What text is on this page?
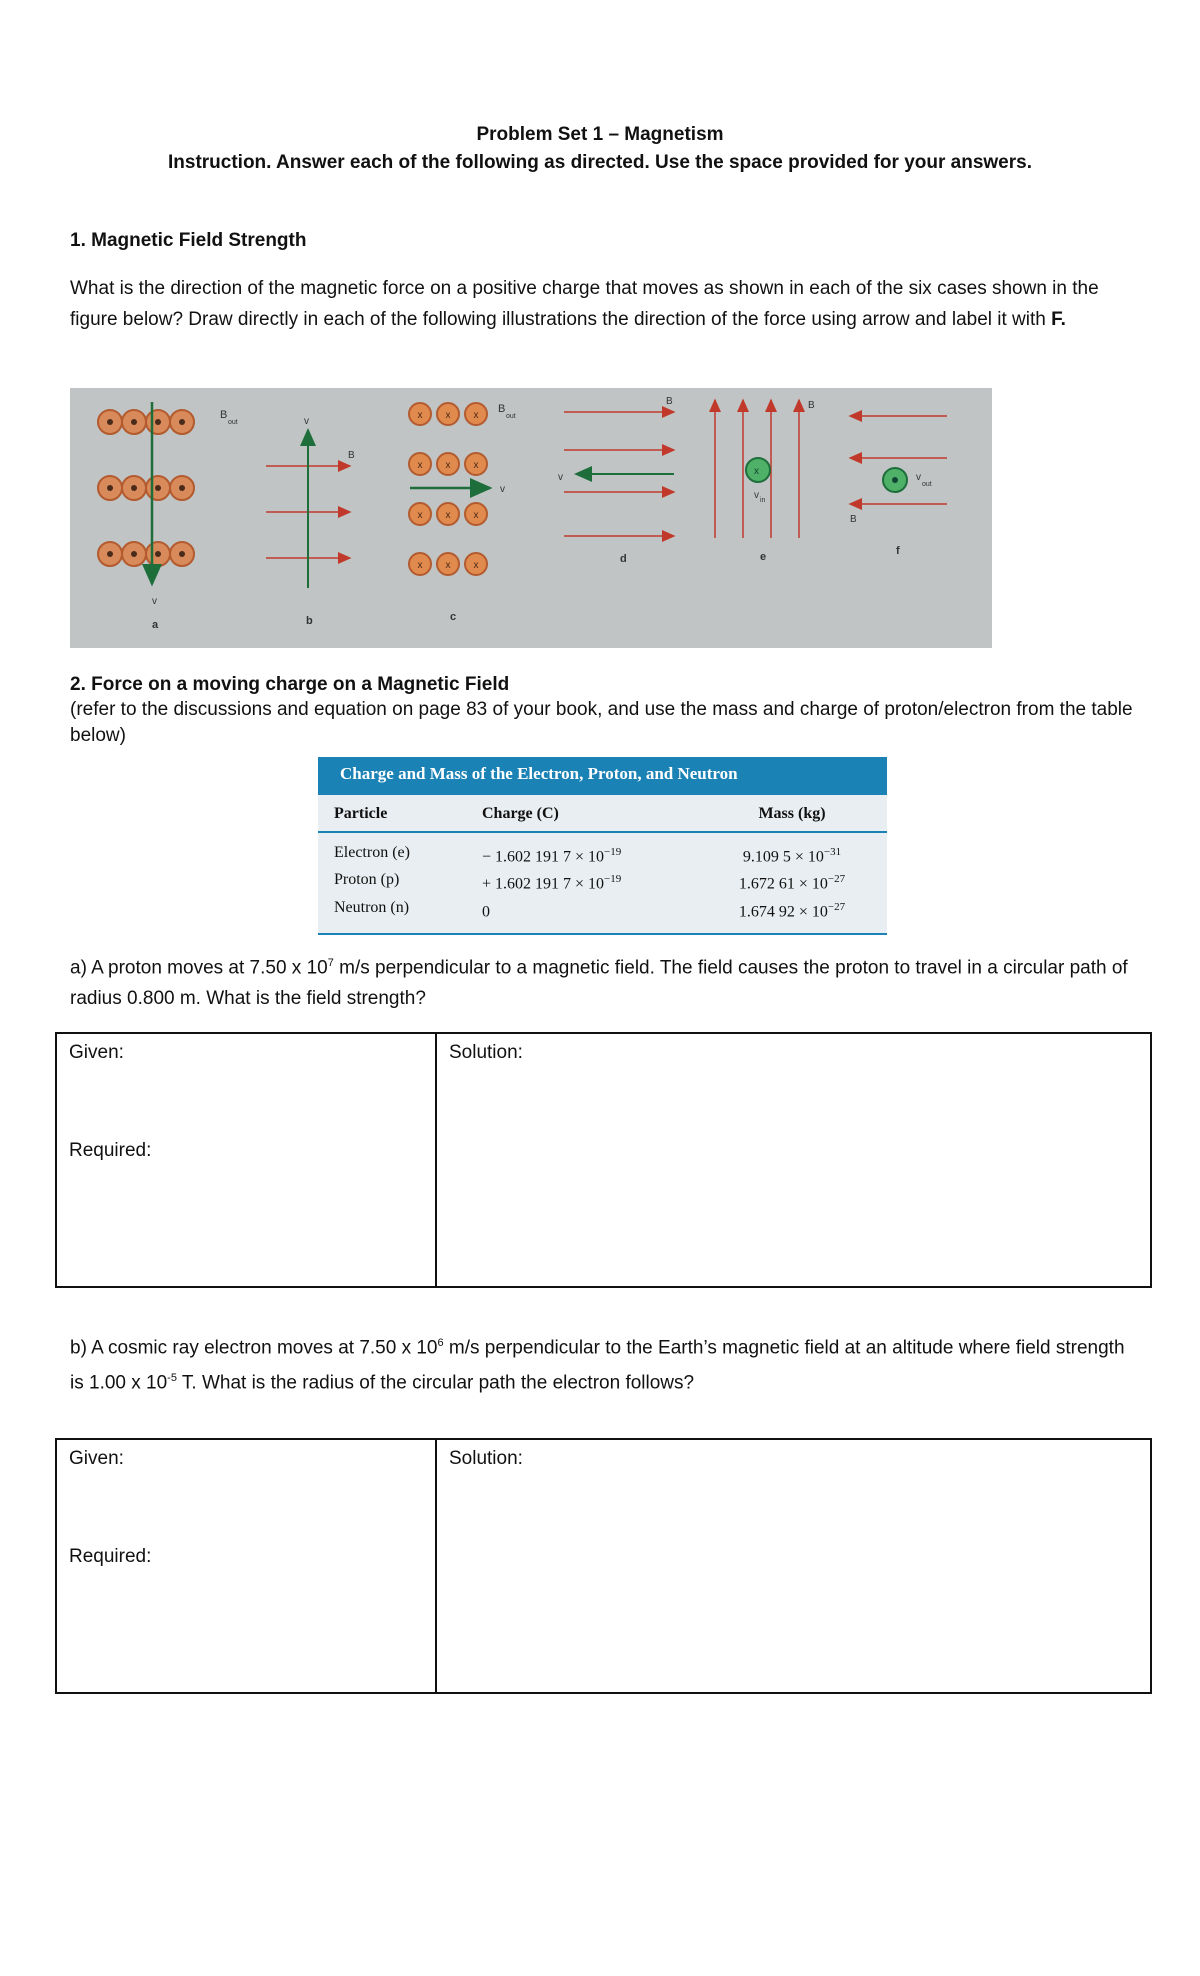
Problem Set 1 – Magnetism
Instruction. Answer each of the following as directed. Use the space provided for your answers.
1. Magnetic Field Strength
What is the direction of the magnetic force on a positive charge that moves as shown in each of the six cases shown in the figure below? Draw directly in each of the following illustrations the direction of the force using arrow and label it with F.
B
out
v
a
v
B
b
x x x
x x x
x x x
x x x
B
out
v
c
v
B
d
x
v in
B
e
v
out
B
f
2. Force on a moving charge on a Magnetic Field
(refer to the discussions and equation on page 83 of your book, and use the mass and charge of proton/electron from the table below)
Charge and Mass of the Electron, Proton, and Neutron
Particle	Charge (C)	Mass (kg)
Electron (e)	− 1.602 191 $7 \times 10^{-19}$	9.109 $5 \times 10^{-31}$
Proton (p)	+ 1.602 191 $7 \times 10^{-19}$	1.672 $61 \times 10^{-27}$
Neutron (n)	0	1.674 $92 \times 10^{-27}$
a) A proton moves at 7.50 x $10^7$ m/s perpendicular to a magnetic field. The field causes the proton to travel in a circular path of radius 0.800 m. What is the field strength?
Given:
Required:
Solution:
b) A cosmic ray electron moves at 7.50 x $10^6$ m/s perpendicular to the Earth’s magnetic field at an altitude where field strength is 1.00 x $10^{-5}$ T. What is the radius of the circular path the electron follows?
Given:
Required:
Solution:
